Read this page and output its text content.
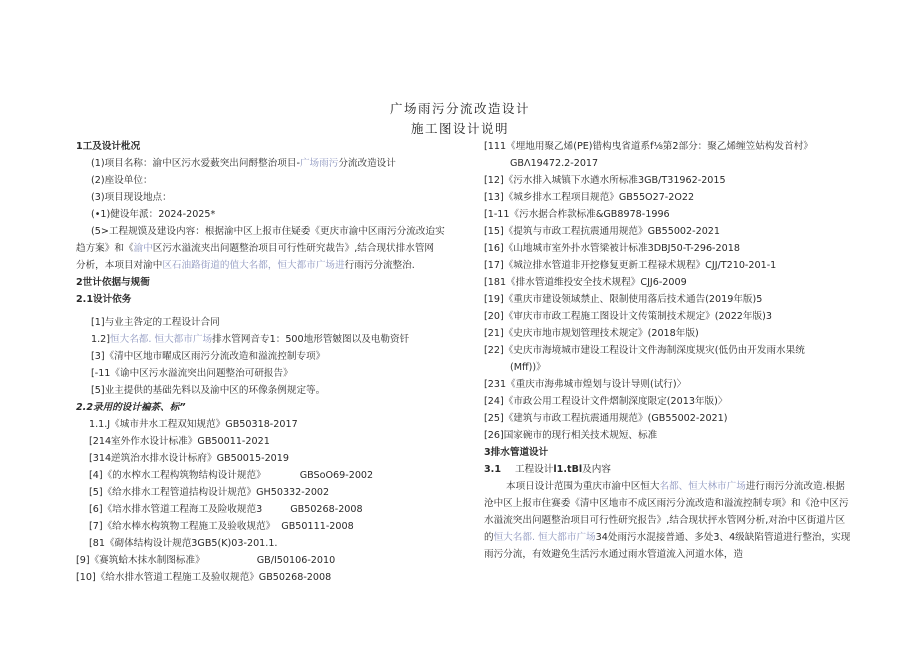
广场雨污分流改造设计
施工图设计说明
1工及设计枇况
(1)项目名称：渝中区污水爱薮突出问酹整治项目-广场雨污分流改造设计
(2)座设单位：
(3)项目现设地点：
(•1)健设年派：2024-2025*
(5>工程规馍及建设内容：根据渝中区上报市住疑委《更庆市渝中区雨污分流改迨实
趋方案》和《渝中区污水溢流夹出问题整治项目可行性研究裁告》,结合现状排水管网
分析，本项目对渝中区石油路街道的值大名都，恒大都市广场进行雨污分流整治.
2世计依据与规衙
2.1设计依务
[1]与业主咎定的工程设计合同
1.2]恒大名都. 恒大都市广场排水管网音专1：500地形管皴图以及电勒资钎
[3]《清中区地市曜成区雨污分流改造和溢流控制专项》
[-11《谕中区污水溢流突出问题整治可研报告》
[5]业主提供的基础先料以及渝中区的环像条例规定等。
2.2录用的设计褊茶、标”
1.1.J《城市井水工程双知规范》GB50318-2017
[214室外作水设计标准》GB50011-2021
[314逆筑治水排水设计标府》GB50015-2019
[4]《的水榨水工程构筑物结构设计规范》	GBSoO69-2002
[5]《给水排水工程管道拮构设计规范》GH50332-2002
[6]《培水排水管道工程海工及险收规范3	GB50268-2008
[7]《给水棒水构筑物工程施工及验收规范》 GB50111-2008
[81《砌体结构设计规范3GB5(K)03-201.1.
[9]《赛筑蛤木抹水制图标准》	GB/I50106-2010
[10]《给水排水管道工程施工及验収规范》GB50268-2008
[111《埋地用聚乙烯(PE)错构曳省道系f⅛第2部分：聚乙烯缠笠姑构发首村》
GBΛ19472.2-2017
[12]《污水排入城镇下水遒水所标准3GB/T31962-2015
[13]《城乡排水工程项目规范》GB55O27-2O22
[1-11《污水据合柞款标准&GB8978-1996
[15]《提筑与市政工程抗震通用规范》GB55002-2021
[16]《山地城市室外扑水管梁被计标准3DBJ50-T-296-2018
[17]《城泣排水管道非开挖修复更新工程禄术规程》CJJ/T210-201-1
[181《排水管道维投安全技术规程》CJJ6-2009
[19]《重庆市建设领域禁止、限制使用落后技术通告(2019年版)5
[20]《审庆市市政工程施工图设计文传策制技术规定》(2022年版)3
[21]《史庆市地市规划管理技术规定》(2018年版)
[22]《史庆市海境城市建设工程设计文件海制深度规灾(低仍由开发雨水果统
(Mff))》
[231《重庆市海弗城市煌划与设计导则(试行)〉
[24]《市政公用工程设计文件熠制深度限定(2013年版)〉
[25]《建筑与市政工程抗震通用规范》(GB55002-2021)
[26]国家碗市的现行相关技术规短、标准
3排水管道设计
3.1 工程设计l1.tBl及内容
本项日设计范围为重庆市渝中区恒大名都、恒大林市广场进行雨污分流改造.根据
沧中区上报市住赛委《清中区地市不成区雨污分流改造和溢流控制专项》和《沧中区污
水溢流突出问题整治项目可行性研究报告》,结合现状抨水管网分析,对治中区街道片区
的恒大名都. 恒大都市广场34处雨污水混接普通、多处3、4级缺陷管道进行整治，实现
雨污分流，有效避免生活污水通过雨水管道流入河道水体，造
